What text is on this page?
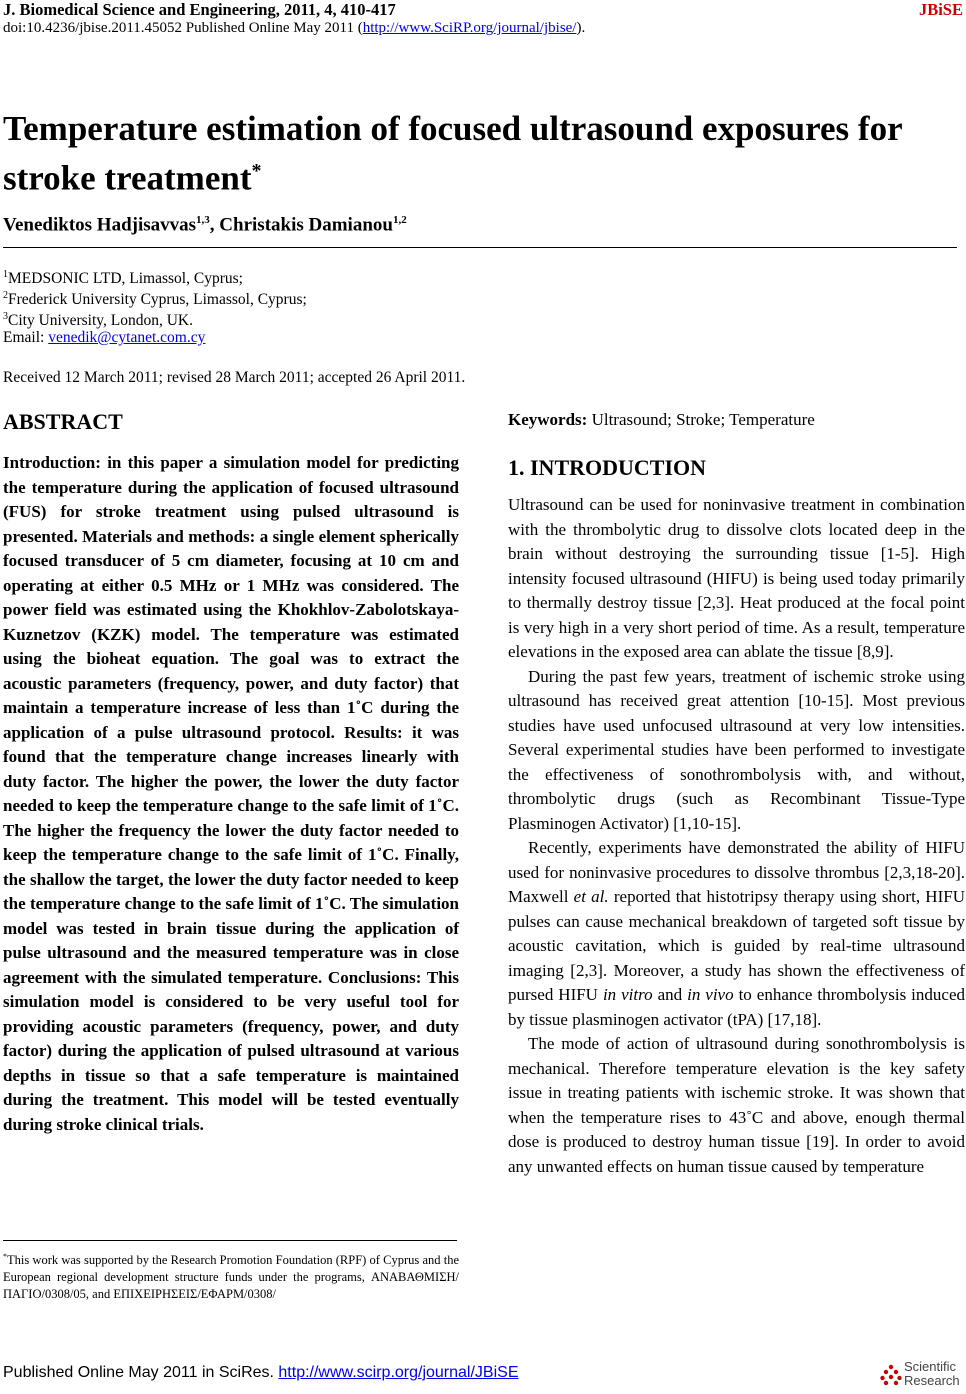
J. Biomedical Science and Engineering, 2011, 4, 410-417	JBiSE
doi:10.4236/jbise.2011.45052 Published Online May 2011 (http://www.SciRP.org/journal/jbise/).
Temperature estimation of focused ultrasound exposures for stroke treatment*
Venediktos Hadjisavvas$^{1,3}$, Christakis Damianou$^{1,2}$
$^1$MEDSONIC LTD, Limassol, Cyprus;
$^2$Frederick University Cyprus, Limassol, Cyprus;
$^3$City University, London, UK.
Email: venedik@cytanet.com.cy
Received 12 March 2011; revised 28 March 2011; accepted 26 April 2011.
ABSTRACT
Introduction: in this paper a simulation model for predicting the temperature during the application of focused ultrasound (FUS) for stroke treatment using pulsed ultrasound is presented. Materials and methods: a single element spherically focused transducer of 5 cm diameter, focusing at 10 cm and operating at either 0.5 MHz or 1 MHz was considered. The power field was estimated using the Khokhlov-Zabolotskaya-Kuznetzov (KZK) model. The temperature was estimated using the bioheat equation. The goal was to extract the acoustic parameters (frequency, power, and duty factor) that maintain a temperature increase of less than 1˚C during the application of a pulse ultrasound protocol. Results: it was found that the temperature change increases linearly with duty factor. The higher the power, the lower the duty factor needed to keep the temperature change to the safe limit of 1˚C. The higher the frequency the lower the duty factor needed to keep the temperature change to the safe limit of 1˚C. Finally, the shallow the target, the lower the duty factor needed to keep the temperature change to the safe limit of 1˚C. The simulation model was tested in brain tissue during the application of pulse ultrasound and the measured temperature was in close agreement with the simulated temperature. Conclusions: This simulation model is considered to be very useful tool for providing acoustic parameters (frequency, power, and duty factor) during the application of pulsed ultrasound at various depths in tissue so that a safe temperature is maintained during the treatment. This model will be tested eventually during stroke clinical trials.
*This work was supported by the Research Promotion Foundation (RPF) of Cyprus and the European regional development structure funds under the programs, ΑΝΑΒΑΘΜΙΣΗ/ΠΑΓΙΟ/0308/05, and ΕΠΙΧΕΙΡΗΣΕΙΣ/ΕΦΑΡΜ/0308/
Keywords: Ultrasound; Stroke; Temperature
1. INTRODUCTION

Ultrasound can be used for noninvasive treatment in combination with the thrombolytic drug to dissolve clots located deep in the brain without destroying the surrounding tissue [1-5]. High intensity focused ultrasound (HIFU) is being used today primarily to thermally destroy tissue [2,3]. Heat produced at the focal point is very high in a very short period of time. As a result, temperature elevations in the exposed area can ablate the tissue [8,9].

During the past few years, treatment of ischemic stroke using ultrasound has received great attention [10-15]. Most previous studies have used unfocused ultrasound at very low intensities. Several experimental studies have been performed to investigate the effectiveness of sonothrombolysis with, and without, thrombolytic drugs (such as Recombinant Tissue-Type Plasminogen Activator) [1,10-15].

Recently, experiments have demonstrated the ability of HIFU used for noninvasive procedures to dissolve thrombus [2,3,18-20]. Maxwell et al. reported that histotripsy therapy using short, HIFU pulses can cause mechanical breakdown of targeted soft tissue by acoustic cavitation, which is guided by real-time ultrasound imaging [2,3]. Moreover, a study has shown the effectiveness of pursed HIFU in vitro and in vivo to enhance thrombolysis induced by tissue plasminogen activator (tPA) [17,18].

The mode of action of ultrasound during sonothrombolysis is mechanical. Therefore temperature elevation is the key safety issue in treating patients with ischemic stroke. It was shown that when the temperature rises to 43˚C and above, enough thermal dose is produced to destroy human tissue [19]. In order to avoid any unwanted effects on human tissue caused by temperature

Published Online May 2011 in SciRes. http://www.scirp.org/journal/JBiSE	Scientific
Research
